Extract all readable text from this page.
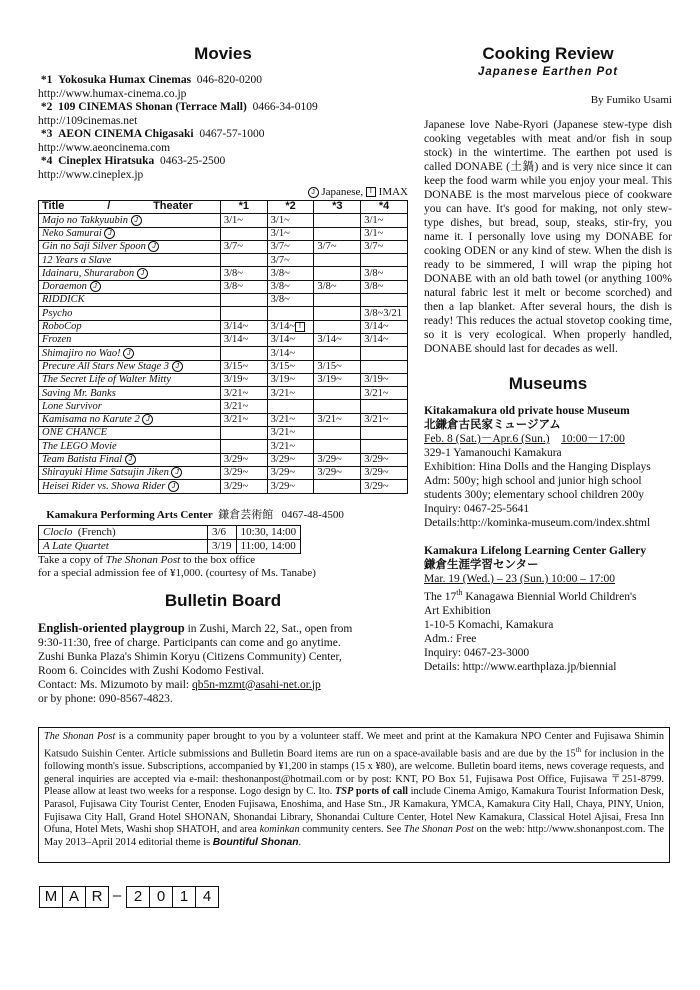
Movies
*1 Yokosuka Humax Cinemas 046-820-0200
http://www.humax-cinema.co.jp
*2 109 CINEMAS Shonan (Terrace Mall) 0466-34-0109
http://109cinemas.net
*3 AEON CINEMA Chigasaki 0467-57-1000
http://www.aeoncinema.com
*4 Cineplex Hiratsuka 0463-25-2500
http://www.cineplex.jp
J Japanese, I IMAX
Title / Theater	*1	*2	*3	*4
Majo no Takkyuubin J	3/1~	3/1~		3/1~
Neko Samurai J		3/1~		3/1~
Gin no Saji Silver Spoon J	3/7~	3/7~	3/7~	3/7~
12 Years a Slave		3/7~		
Idainaru, Shurarabon J	3/8~	3/8~		3/8~
Doraemon J	3/8~	3/8~	3/8~	3/8~
RIDDICK		3/8~		
Psycho				3/8~3/21
RoboCop	3/14~	3/14~ I		3/14~
Frozen	3/14~	3/14~	3/14~	3/14~
Shimajiro no Wao! J		3/14~		
Precure All Stars New Stage 3 J	3/15~	3/15~	3/15~	
The Secret Life of Walter Mitty	3/19~	3/19~	3/19~	3/19~
Saving Mr. Banks	3/21~	3/21~		3/21~
Lone Survivor	3/21~			
Kamisama no Karute 2 J	3/21~	3/21~	3/21~	3/21~
ONE CHANCE		3/21~		
The LEGO Movie		3/21~		
Team Batista Final J	3/29~	3/29~	3/29~	3/29~
Shirayuki Hime Satsujin Jiken J	3/29~	3/29~	3/29~	3/29~
Heisei Rider vs. Showa Rider J	3/29~	3/29~		3/29~
Kamakura Performing Arts Center 鎌倉芸術館 0467-48-4500
Cloclo (French)	3/6	10:30, 14:00
A Late Quartet	3/19	11:00, 14:00
Take a copy of The Shonan Post to the box office
for a special admission fee of ¥1,000. (courtesy of Ms. Tanabe)
Bulletin Board

English-oriented playgroup in Zushi, March 22, Sat., open from

9:30-11:30, free of charge. Participants can come and go anytime.

Zushi Bunka Plaza's Shimin Koryu (Citizens Community) Center,

Room 6. Coincides with Zushi Kodomo Festival.

Contact: Ms. Mizumoto by mail: qb5n-mzmt@asahi-net.or.jp

or by phone: 090-8567-4823.

Cooking Review
Japanese Earthen Pot
By Fumiko Usami
Japanese love Nabe-Ryori (Japanese stew-type dish cooking vegetables with meat and/or fish in soup stock) in the wintertime. The earthen pot used is called DONABE (土鍋) and is very nice since it can keep the food warm while you enjoy your meal. This DONABE is the most marvelous piece of cookware you can have. It's good for making, not only stew-type dishes, but bread, soup, steaks, stir-fry, you name it. I personally love using my DONABE for cooking ODEN or any kind of stew. When the dish is ready to be simmered, I will wrap the piping hot DONABE with an old bath towel (or anything 100% natural fabric lest it melt or become scorched) and then a lap blanket. After several hours, the dish is ready! This reduces the actual stovetop cooking time, so it is very ecological. When properly handled, DONABE should last for decades as well.
Museums
Kitakamakura old private house Museum

北鎌倉古民家ミュージアム

Feb. 8 (Sat.)－Apr.6 (Sun.) 10:00－17:00

329-1 Yamanouchi Kamakura

Exhibition: Hina Dolls and the Hanging Displays

Adm: 500y; high school and junior high school students 300y; elementary school children 200y

Inquiry: 0467-25-5641

Details:http://kominka-museum.com/index.shtml

Kamakura Lifelong Learning Center Gallery

鎌倉生涯学習センター

Mar. 19 (Wed.) – 23 (Sun.) 10:00 – 17:00

The 17th Kanagawa Biennial World Children's

Art Exhibition

1-10-5 Komachi, Kamakura

Adm.: Free

Inquiry: 0467-23-3000

Details: http://www.earthplaza.jp/biennial

The Shonan Post is a community paper brought to you by a volunteer staff. We meet and print at the Kamakura NPO Center and Fujisawa Shimin Katsudo Suishin Center. Article submissions and Bulletin Board items are run on a space-available basis and are due by the 15th for inclusion in the following month's issue. Subscriptions, accompanied by ¥1,200 in stamps (15 x ¥80), are welcome. Bulletin board items, news coverage requests, and general inquiries are accepted via e-mail: theshonanpost@hotmail.com or by post: KNT, PO Box 51, Fujisawa Post Office, Fujisawa 〒251-8799. Please allow at least two weeks for a response. Logo design by C. Ito. TSP ports of call include Cinema Amigo, Kamakura Tourist Information Desk, Parasol, Fujisawa City Tourist Center, Enoden Fujisawa, Enoshima, and Hase Stn., JR Kamakura, YMCA, Kamakura City Hall, Chaya, PINY, Union, Fujisawa City Hall, Grand Hotel SHONAN, Shonandai Library, Shonandai Culture Center, Hotel New Kamakura, Classical Hotel Ajisai, Fresa Inn Ofuna, Hotel Mets, Washi shop SHATOH, and area kominkan community centers. See The Shonan Post on the web: http://www.shonanpost.com. The May 2013–April 2014 editorial theme is Bountiful Shonan.
M A R – 2 0 1 4
